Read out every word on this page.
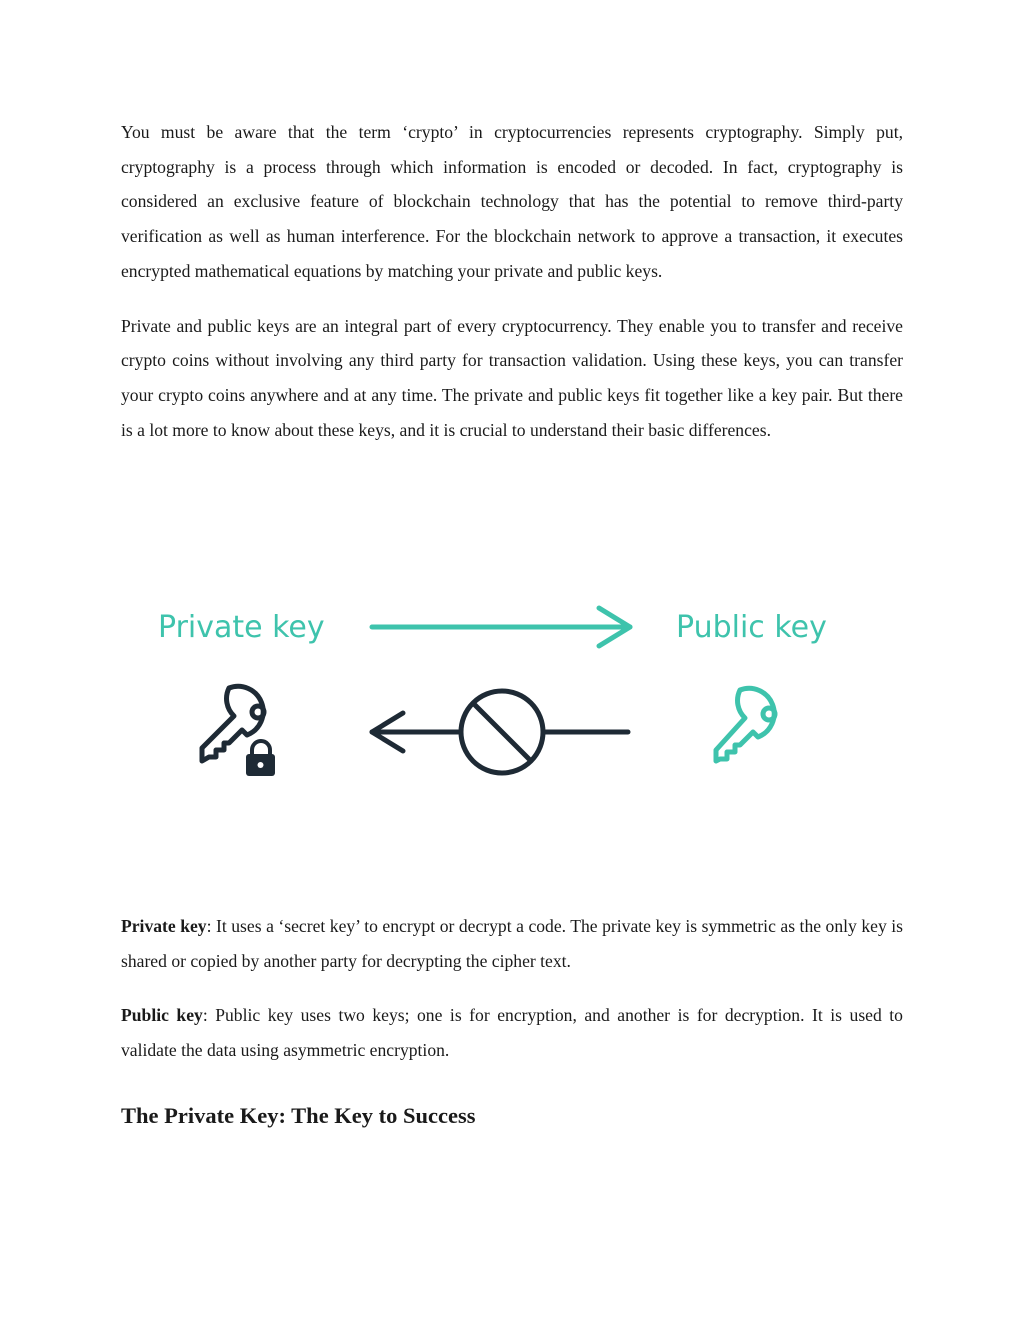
You must be aware that the term ‘crypto’ in cryptocurrencies represents cryptography. Simply put, cryptography is a process through which information is encoded or decoded. In fact, cryptography is considered an exclusive feature of blockchain technology that has the potential to remove third-party verification as well as human interference. For the blockchain network to approve a transaction, it executes encrypted mathematical equations by matching your private and public keys.

Private and public keys are an integral part of every cryptocurrency. They enable you to transfer and receive crypto coins without involving any third party for transaction validation. Using these keys, you can transfer your crypto coins anywhere and at any time. The private and public keys fit together like a key pair. But there is a lot more to know about these keys, and it is crucial to understand their basic differences.

Private key	Public key

Private key: It uses a ‘secret key’ to encrypt or decrypt a code. The private key is symmetric as the only key is shared or copied by another party for decrypting the cipher text.

Public key: Public key uses two keys; one is for encryption, and another is for decryption. It is used to validate the data using asymmetric encryption.

The Private Key: The Key to Success
